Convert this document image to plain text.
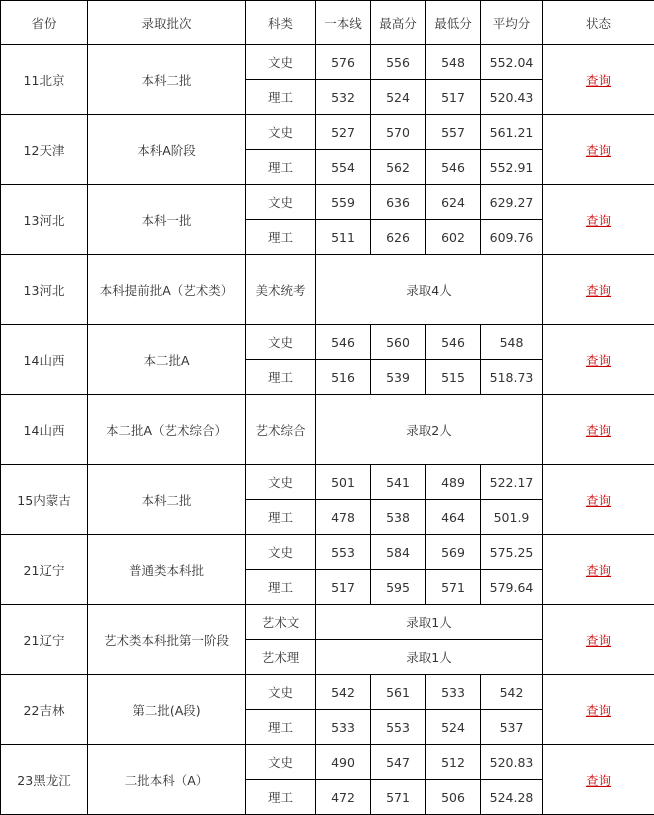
省份	录取批次	科类	一本线	最高分	最低分	平均分	状态
11北京	本科二批	文史	576	556	548	552.04	查询
		理工	532	524	517	520.43	
12天津	本科A阶段	文史	527	570	557	561.21	查询
		理工	554	562	546	552.91	
13河北	本科一批	文史	559	636	624	629.27	查询
		理工	511	626	602	609.76	
13河北	本科提前批A（艺术类）	美术统考	录取4人				查询
14山西	本二批A	文史	546	560	546	548	查询
		理工	516	539	515	518.73	
14山西	本二批A（艺术综合）	艺术综合	录取2人				查询
15内蒙古	本科二批	文史	501	541	489	522.17	查询
		理工	478	538	464	501.9	
21辽宁	普通类本科批	文史	553	584	569	575.25	查询
		理工	517	595	571	579.64	
21辽宁	艺术类本科批第一阶段	艺术文	录取1人				查询
		艺术理	录取1人				
22吉林	第二批(A段)	文史	542	561	533	542	查询
		理工	533	553	524	537	
23黑龙江	二批本科（A）	文史	490	547	512	520.83	查询
		理工	472	571	506	524.28	
